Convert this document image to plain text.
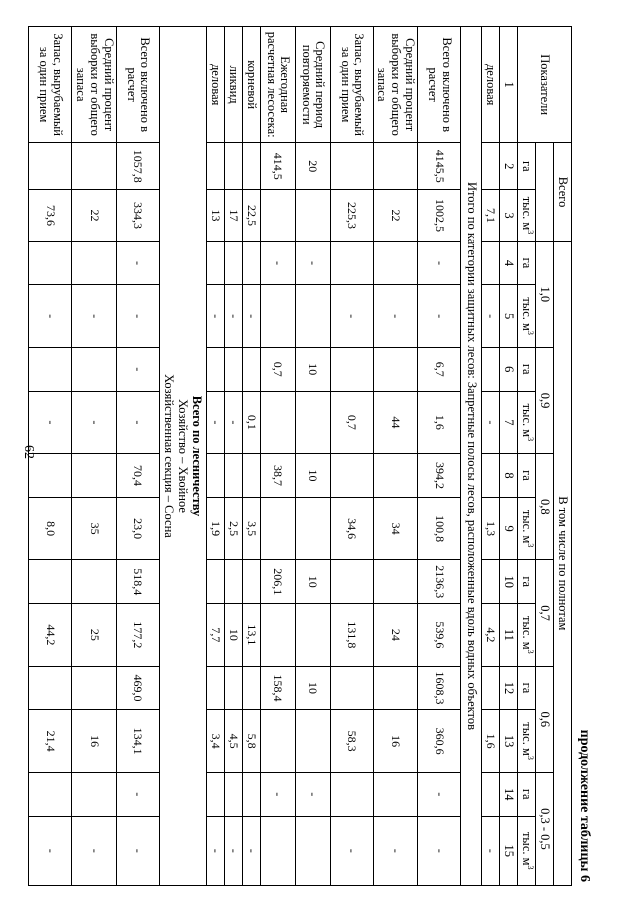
62
продолжение таблицы 6
Показатели	Всего		В том числе по полнотам											
			1,0		0,9		0,8		0,7		0,6		0,3 - 0,5	
	га	тыс. $м^3$	га	тыс. $м^3$	га	тыс. $м^3$	га	тыс. $м^3$	га	тыс. $м^3$	га	тыс. $м^3$	га	тыс. $м^3$
1	2	3	4	5	6	7	8	9	10	11	12	13	14	15
деловая		7,1		-		-		1,3		4,2		1,6		-
Итого по категории защитных лесов: Запретные полосы лесов, расположенные вдоль водных объектов														
Всего включено в расчет	4145,5	1002,5	-	-	6,7	1,6	394,2	100,8	2136,3	539,6	1608,3	360,6	-	-
Средний процент выборки от общего запаса		22		-		44		34		24		16		-
Запас, вырубаемый за один прием		225,3		-		0,7		34,6		131,8		58,3		-
Средний период повторяемости	20		-		10		10		10		10		-	
Ежегодная расчетная лесосека:	414,5		-		0,7		38,7		206,1		158,4		-	
корневой		22,5		-		0,1		3,5		13,1		5,8		-
ликвид		17		-		-		2,5		10		4,5		-
деловая		13		-		-		1,9		7,7		3,4		-

Всего по лесничеству
Хозяйство – Хвойное
Хозяйственная секция – Сосна														

Всего включено в расчет	1057,8	334,3	-	-	-	-	70,4	23,0	518,4	177,2	469,0	134,1	-	-
Средний процент выборки от общего запаса		22		-		-		35		25		16		-
Запас, вырубаемый за один прием		73,6		-		-		8,0		44,2		21,4		-
